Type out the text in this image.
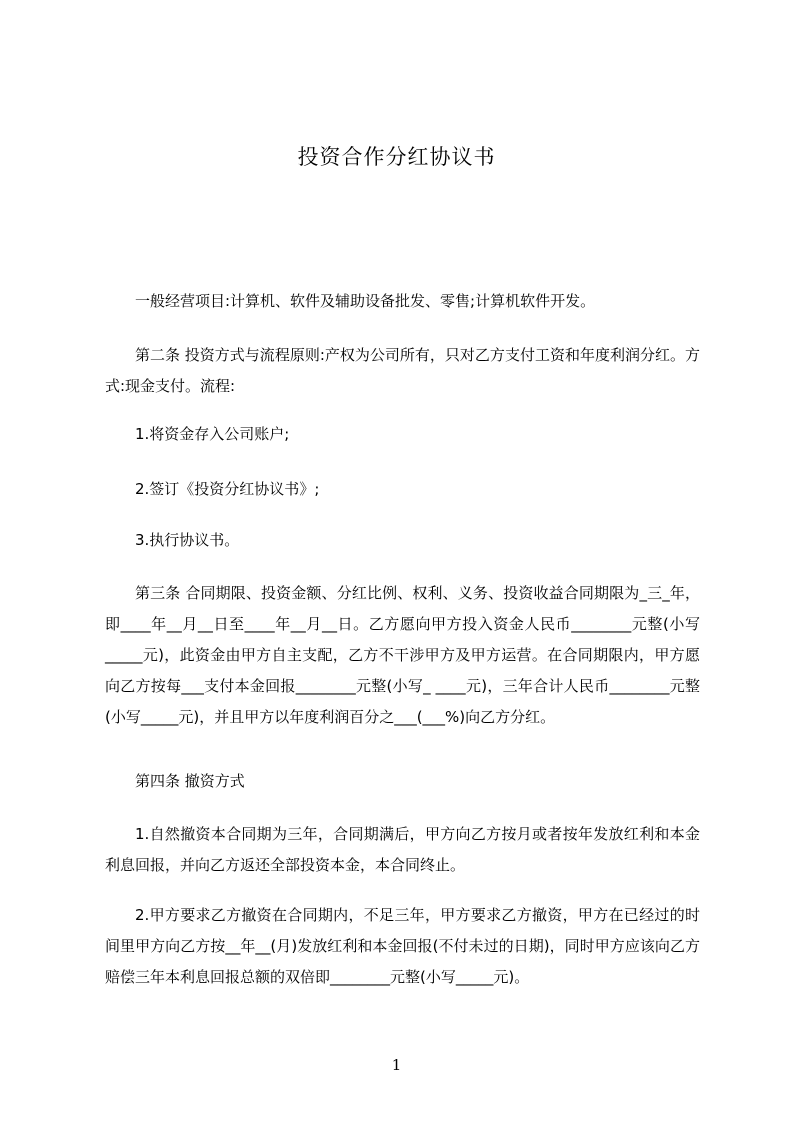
投资合作分红协议书

一般经营项目:计算机、软件及辅助设备批发、零售;计算机软件开发。

第二条 投资方式与流程原则:产权为公司所有，只对乙方支付工资和年度利润分红。方式:现金支付。流程:

1.将资金存入公司账户;

2.签订《投资分红协议书》;

3.执行协议书。

第三条 合同期限、投资金额、分红比例、权利、义务、投资收益合同期限为_三_年，即____年__月__日至____年__月__日。乙方愿向甲方投入资金人民币________元整(小写_____元)，此资金由甲方自主支配，乙方不干涉甲方及甲方运营。在合同期限内，甲方愿向乙方按每___支付本金回报________元整(小写_ ____元)，三年合计人民币________元整(小写_____元)，并且甲方以年度利润百分之___(___%)向乙方分红。

第四条 撤资方式

1.自然撤资本合同期为三年，合同期满后，甲方向乙方按月或者按年发放红利和本金利息回报，并向乙方返还全部投资本金，本合同终止。

2.甲方要求乙方撤资在合同期内，不足三年，甲方要求乙方撤资，甲方在已经过的时间里甲方向乙方按__年__(月)发放红利和本金回报(不付未过的日期)，同时甲方应该向乙方赔偿三年本利息回报总额的双倍即________元整(小写_____元)。

1
